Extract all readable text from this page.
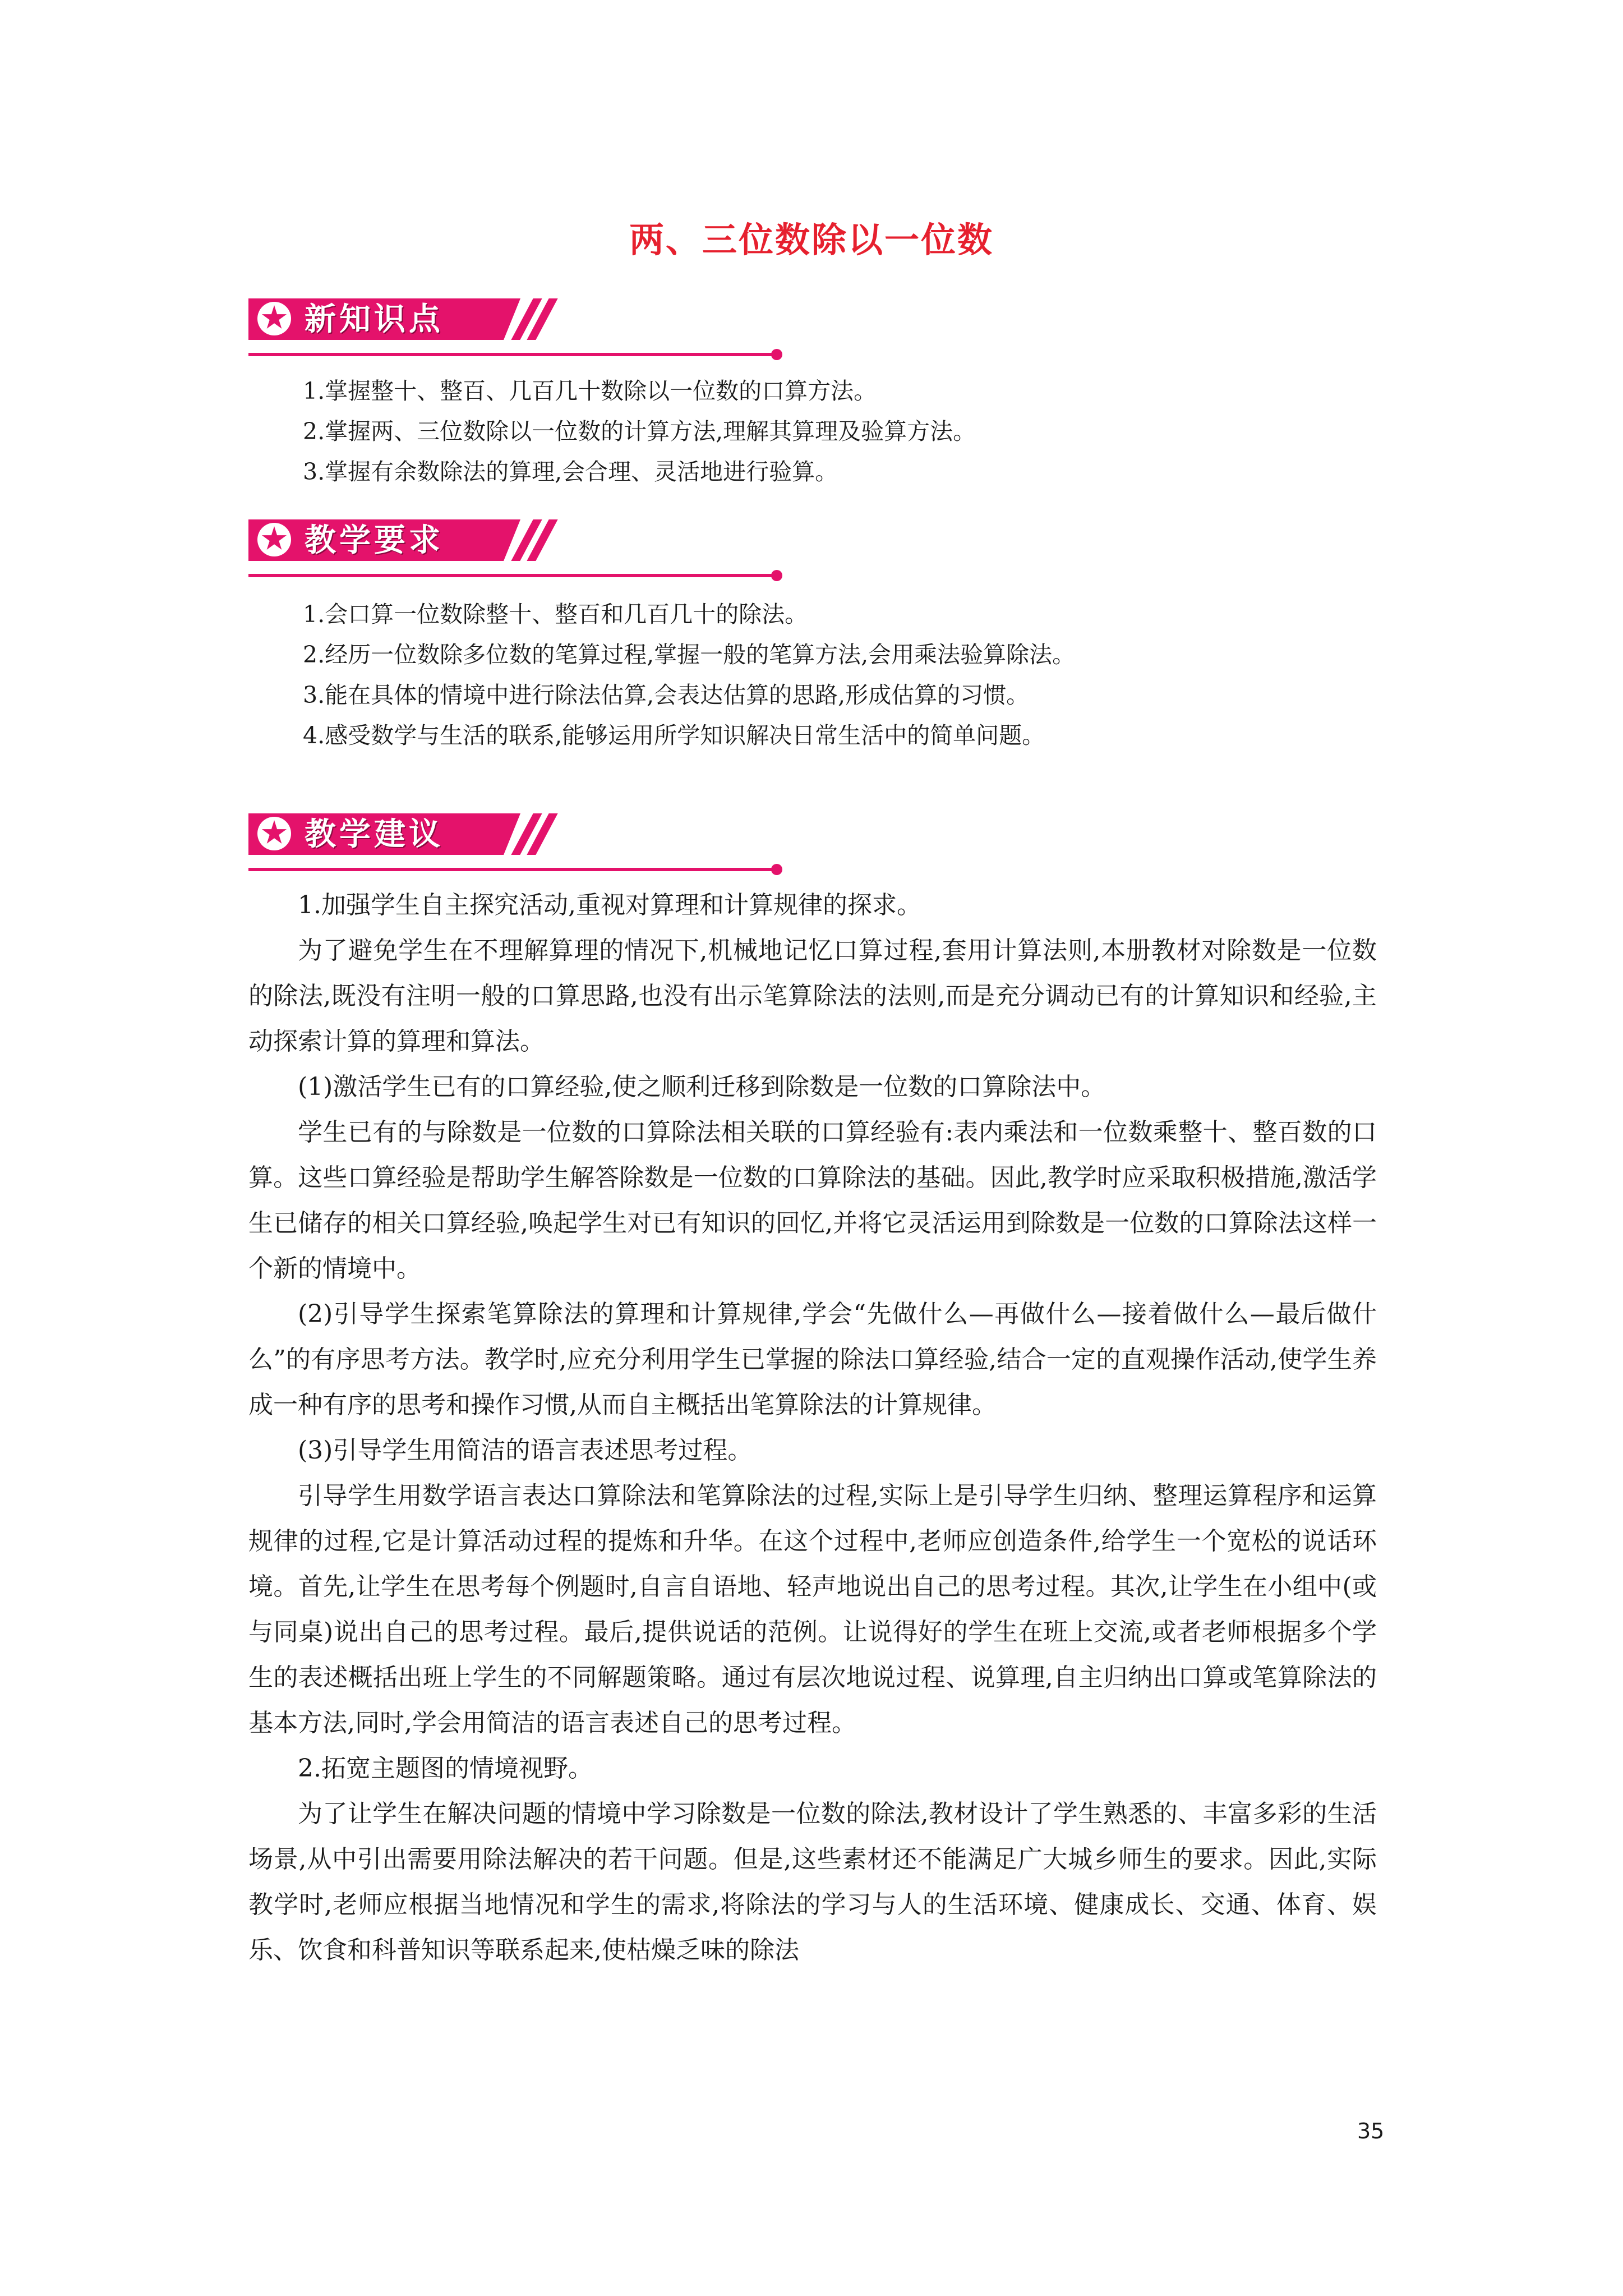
两、三位数除以一位数
新知识点
1.掌握整十、整百、几百几十数除以一位数的口算方法。
2.掌握两、三位数除以一位数的计算方法,理解其算理及验算方法。
3.掌握有余数除法的算理,会合理、灵活地进行验算。
教学要求
1.会口算一位数除整十、整百和几百几十的除法。
2.经历一位数除多位数的笔算过程,掌握一般的笔算方法,会用乘法验算除法。
3.能在具体的情境中进行除法估算,会表达估算的思路,形成估算的习惯。
4.感受数学与生活的联系,能够运用所学知识解决日常生活中的简单问题。
教学建议

1.加强学生自主探究活动,重视对算理和计算规律的探求。

为了避免学生在不理解算理的情况下,机械地记忆口算过程,套用计算法则,本册教材对除数是一位数的除法,既没有注明一般的口算思路,也没有出示笔算除法的法则,而是充分调动已有的计算知识和经验,主动探索计算的算理和算法。

(1)激活学生已有的口算经验,使之顺利迁移到除数是一位数的口算除法中。

学生已有的与除数是一位数的口算除法相关联的口算经验有:表内乘法和一位数乘整十、整百数的口算。这些口算经验是帮助学生解答除数是一位数的口算除法的基础。因此,教学时应采取积极措施,激活学生已储存的相关口算经验,唤起学生对已有知识的回忆,并将它灵活运用到除数是一位数的口算除法这样一个新的情境中。

(2)引导学生探索笔算除法的算理和计算规律,学会“先做什么—再做什么—接着做什么—最后做什么”的有序思考方法。教学时,应充分利用学生已掌握的除法口算经验,结合一定的直观操作活动,使学生养成一种有序的思考和操作习惯,从而自主概括出笔算除法的计算规律。

(3)引导学生用简洁的语言表述思考过程。

引导学生用数学语言表达口算除法和笔算除法的过程,实际上是引导学生归纳、整理运算程序和运算规律的过程,它是计算活动过程的提炼和升华。在这个过程中,老师应创造条件,给学生一个宽松的说话环境。首先,让学生在思考每个例题时,自言自语地、轻声地说出自己的思考过程。其次,让学生在小组中(或与同桌)说出自己的思考过程。最后,提供说话的范例。让说得好的学生在班上交流,或者老师根据多个学生的表述概括出班上学生的不同解题策略。通过有层次地说过程、说算理,自主归纳出口算或笔算除法的基本方法,同时,学会用简洁的语言表述自己的思考过程。

2.拓宽主题图的情境视野。

为了让学生在解决问题的情境中学习除数是一位数的除法,教材设计了学生熟悉的、丰富多彩的生活场景,从中引出需要用除法解决的若干问题。但是,这些素材还不能满足广大城乡师生的要求。因此,实际教学时,老师应根据当地情况和学生的需求,将除法的学习与人的生活环境、健康成长、交通、体育、娱乐、饮食和科普知识等联系起来,使枯燥乏味的除法

35
